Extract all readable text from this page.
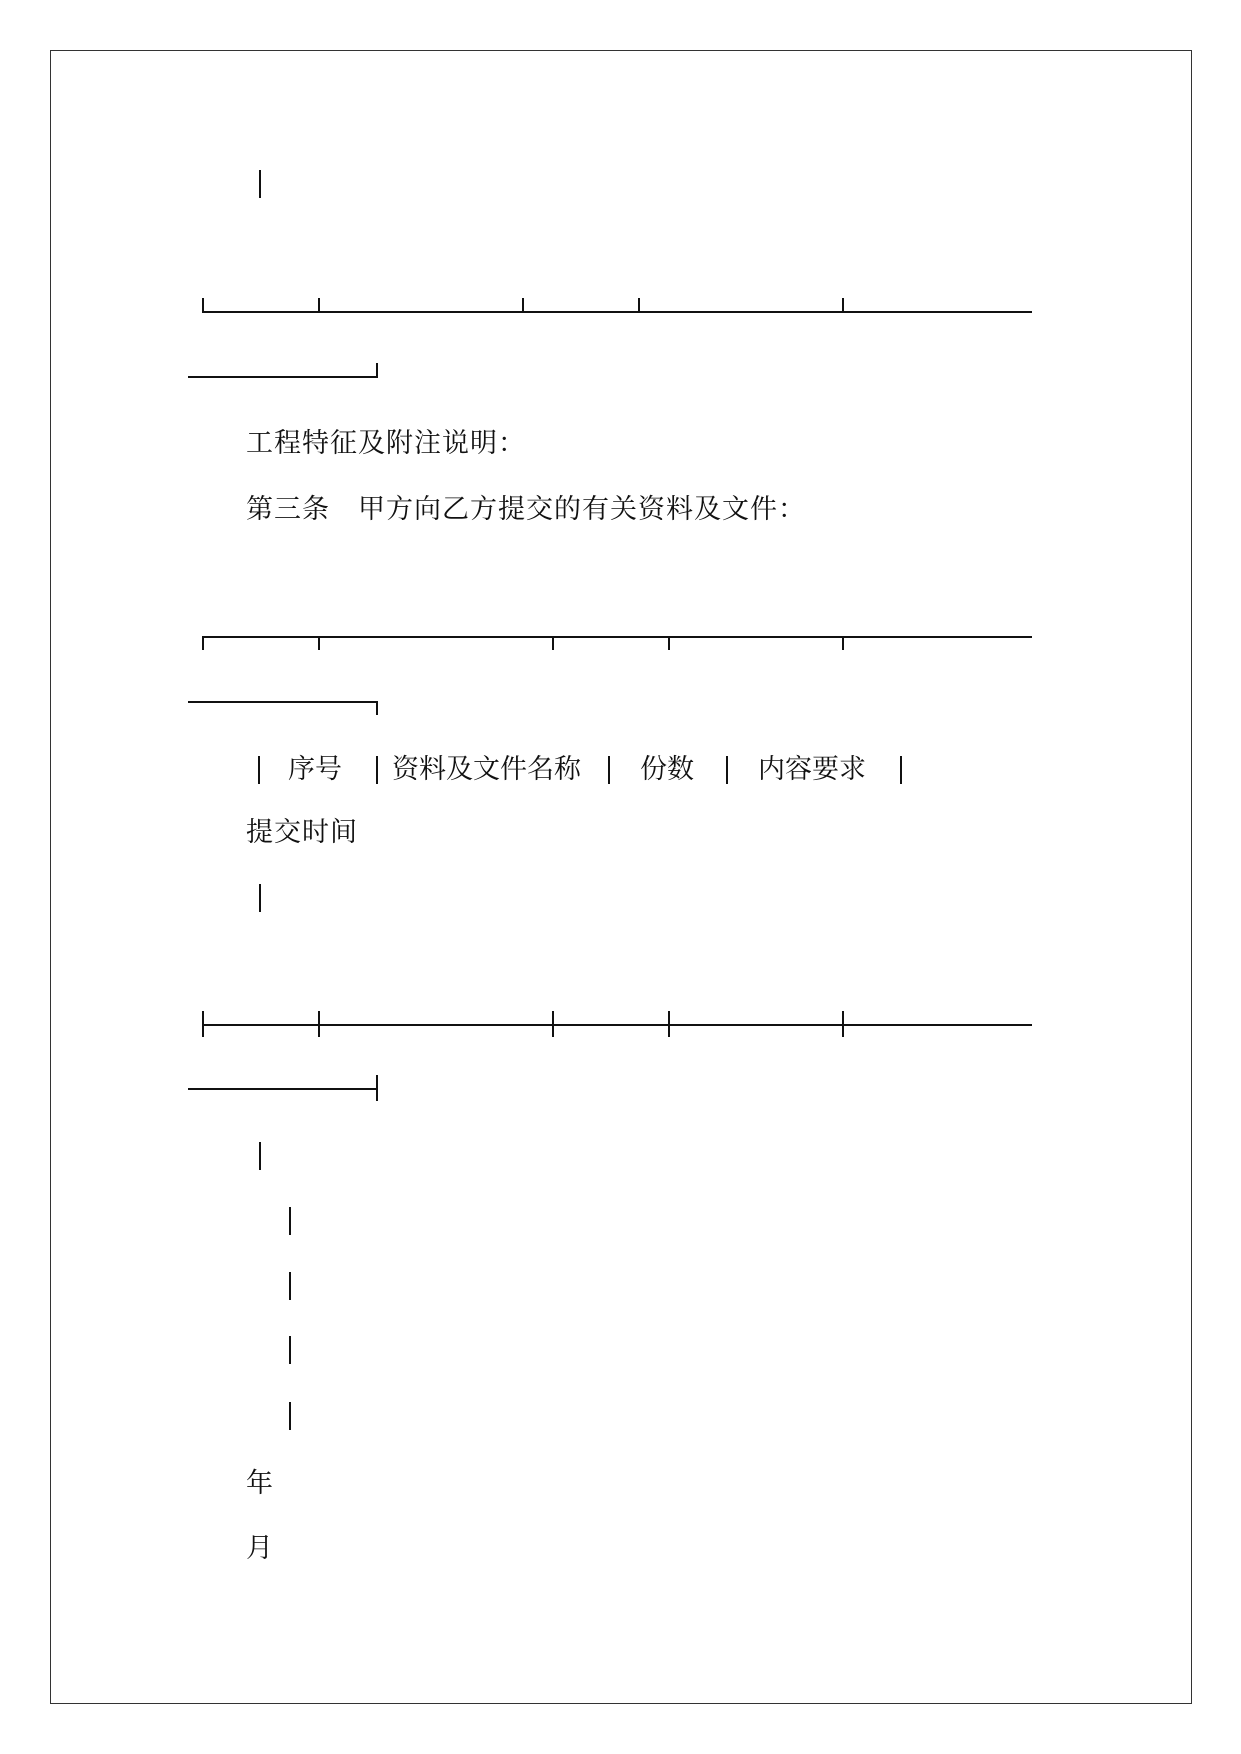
工程特征及附注说明：
第三条　甲方向乙方提交的有关资料及文件：
序号 资料及文件名称 份数 内容要求
提交时间
年
月
